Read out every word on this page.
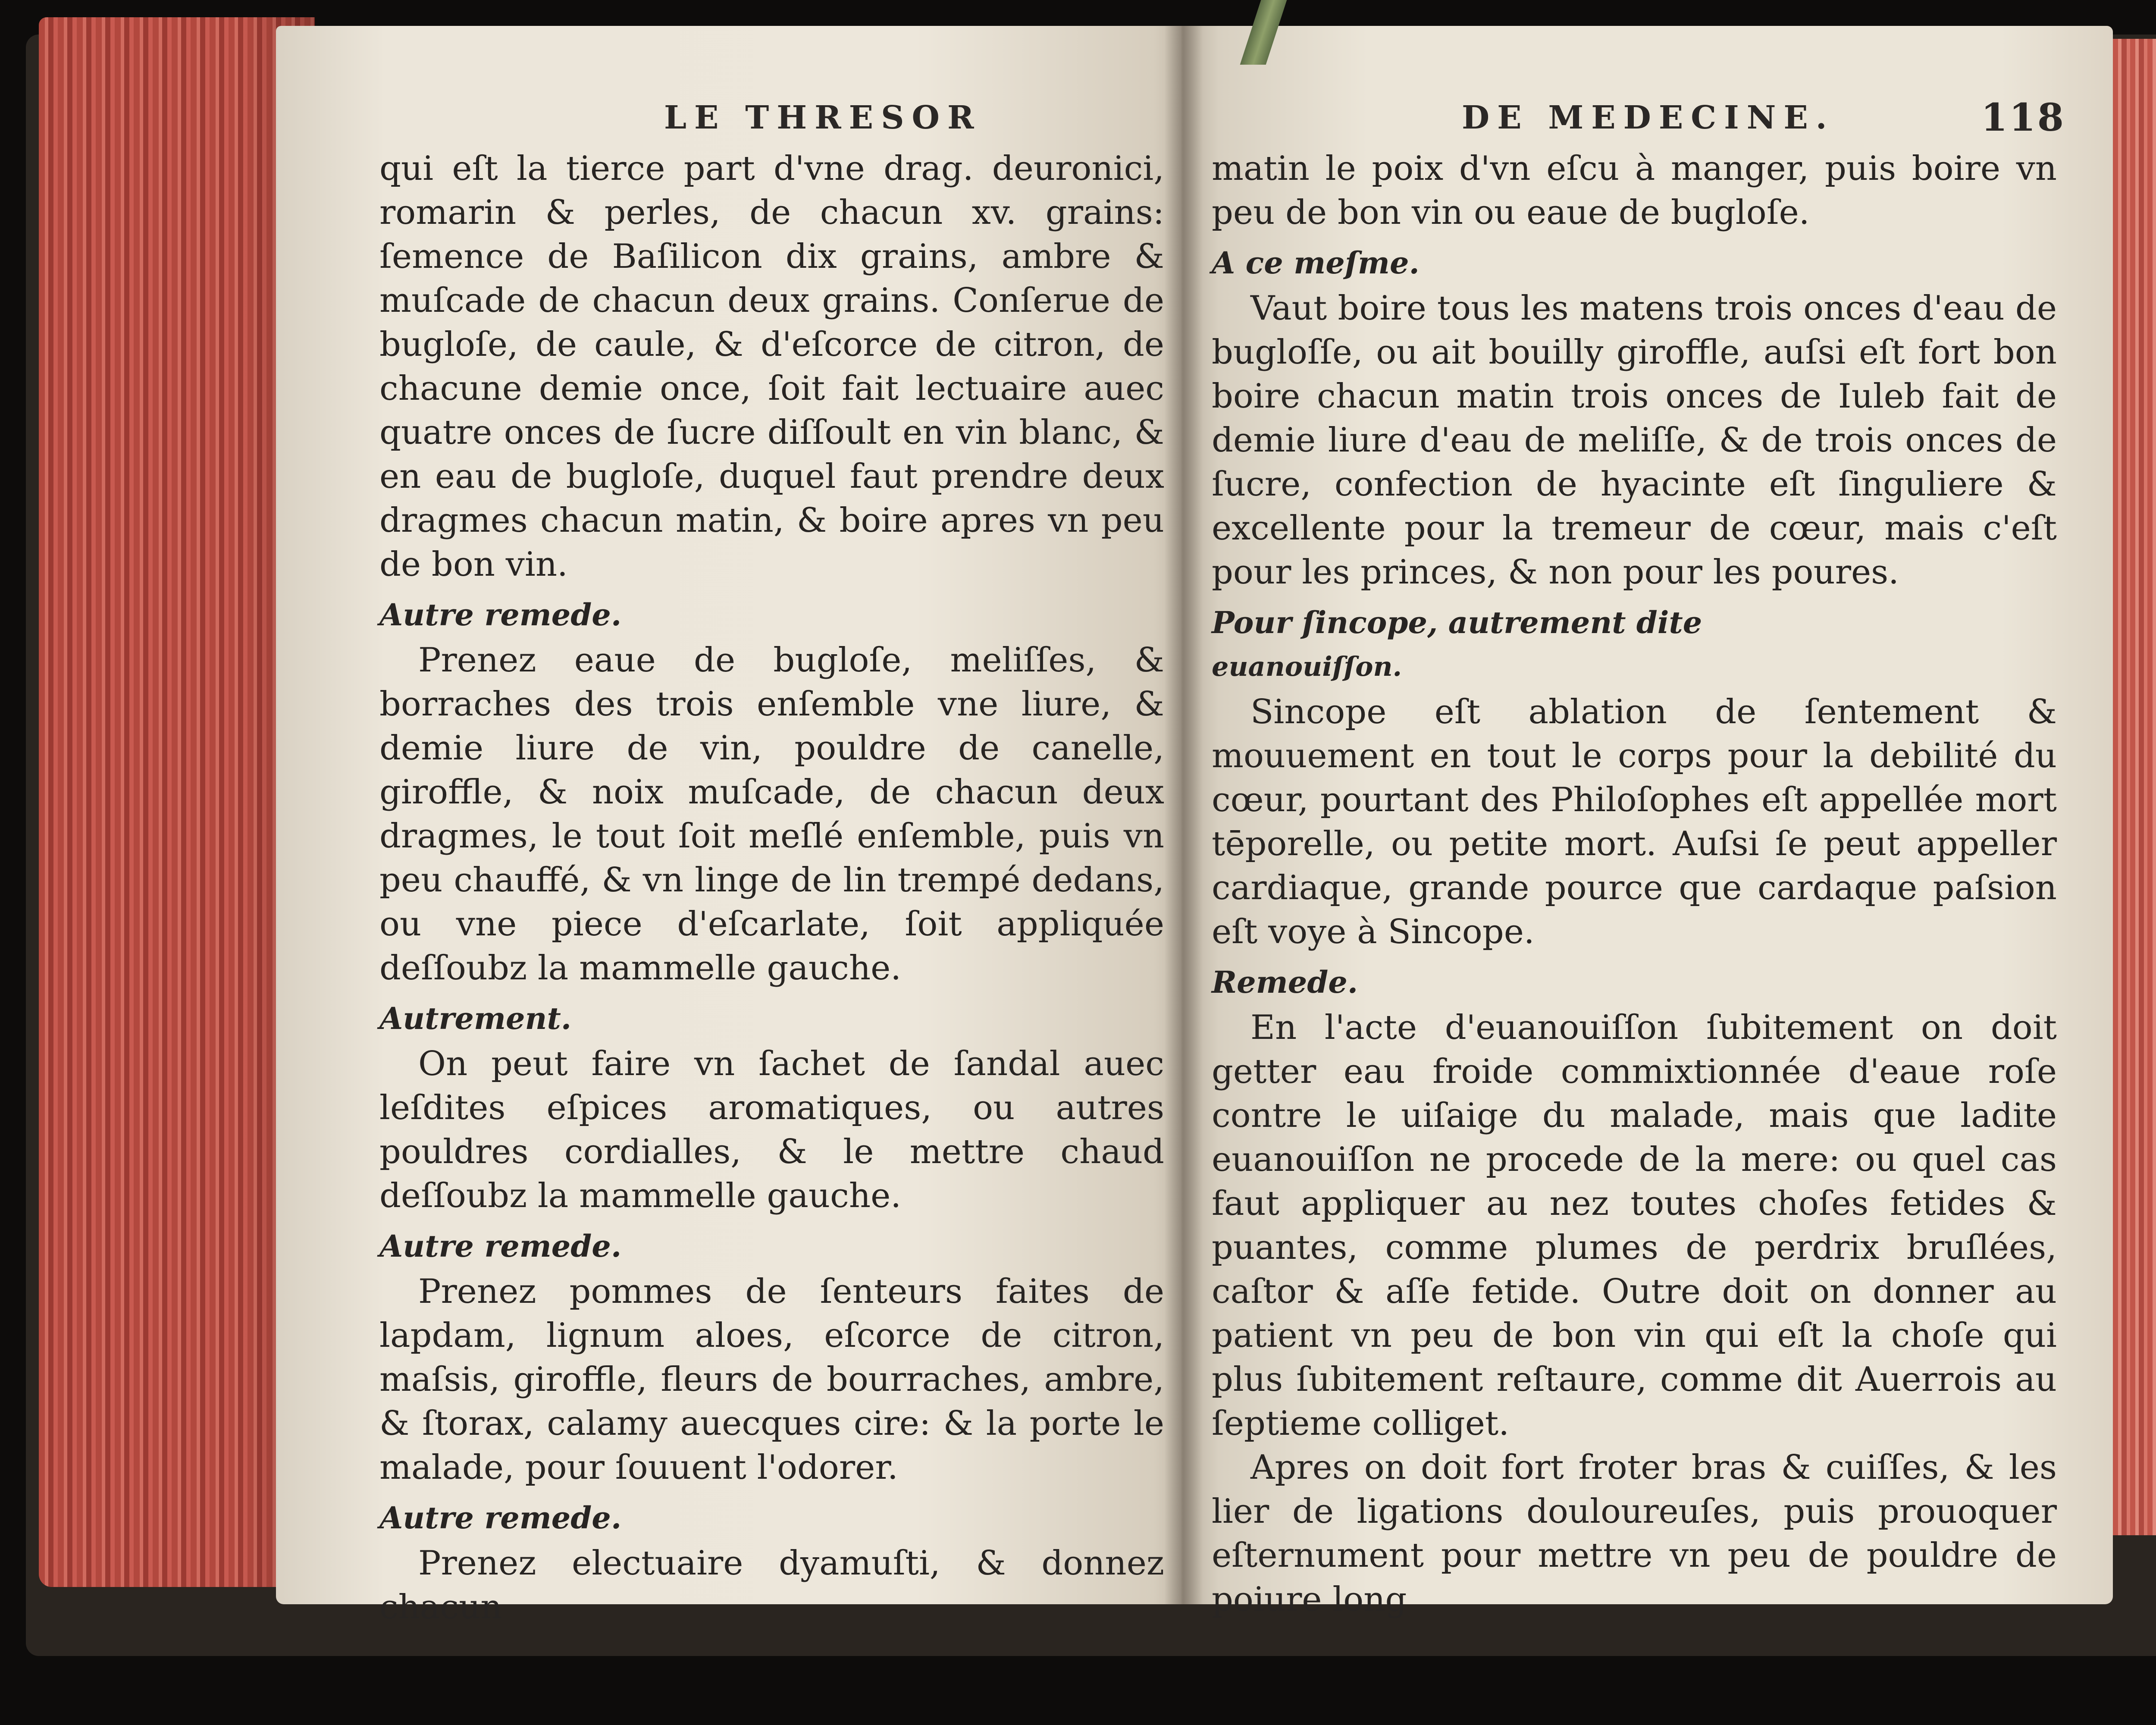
LE THRESOR

qui eſt la tierce part d'vne drag. deuronici, romarin & perles, de chacun xv. grains: ſemence de Baſilicon dix grains, ambre & muſcade de chacun deux grains. Conſerue de bugloſe, de caule, & d'eſcorce de citron, de chacune demie once, ſoit fait lectuaire auec quatre onces de ſucre diſſoult en vin blanc, & en eau de bugloſe, duquel faut prendre deux dragmes chacun matin, & boire apres vn peu de bon vin.

Autre remede.

Prenez eaue de bugloſe, meliſſes, & borraches des trois enſemble vne liure, & demie liure de vin, pouldre de canelle, giroffle, & noix muſcade, de chacun deux dragmes, le tout ſoit meſlé enſemble, puis vn peu chauffé, & vn linge de lin trempé dedans, ou vne piece d'eſcarlate, ſoit appliquée deſſoubz la mammelle gauche.

Autrement.

On peut faire vn ſachet de ſandal auec leſdites eſpices aromatiques, ou autres pouldres cordialles, & le mettre chaud deſſoubz la mammelle gauche.

Autre remede.

Prenez pommes de ſenteurs faites de lapdam, lignum aloes, eſcorce de citron, maſsis, giroffle, fleurs de bourraches, ambre, & ſtorax, calamy auecques cire: & la porte le malade, pour ſouuent l'odorer.

Autre remede.

Prenez electuaire dyamuſti, & donnez chacun

DE MEDECINE.	118

matin le poix d'vn eſcu à manger, puis boire vn peu de bon vin ou eaue de bugloſe.

A ce meſme.

Vaut boire tous les matens trois onces d'eau de bugloſſe, ou ait bouilly giroffle, auſsi eſt fort bon boire chacun matin trois onces de Iuleb fait de demie liure d'eau de meliſſe, & de trois onces de ſucre, confection de hyacinte eſt ſinguliere & excellente pour la tremeur de cœur, mais c'eſt pour les princes, & non pour les poures.

Pour ſincope, autrement dite

euanouiſſon.

Sincope eſt ablation de ſentement & mouuement en tout le corps pour la debilité du cœur, pourtant des Philoſophes eſt appellée mort tēporelle, ou petite mort. Auſsi ſe peut appeller cardiaque, grande pource que cardaque paſsion eſt voye à Sincope.

Remede.

En l'acte d'euanouiſſon ſubitement on doit getter eau froide commixtionnée d'eaue roſe contre le uiſaige du malade, mais que ladite euanouiſſon ne procede de la mere: ou quel cas faut appliquer au nez toutes choſes fetides & puantes, comme plumes de perdrix bruſlées, caſtor & aſſe fetide. Outre doit on donner au patient vn peu de bon vin qui eſt la choſe qui plus ſubitement reſtaure, comme dit Auerrois au ſeptieme colliget.

Apres on doit fort froter bras & cuiſſes, & les lier de ligations douloureuſes, puis prouoquer eſternument pour mettre vn peu de pouldre de poiure long
